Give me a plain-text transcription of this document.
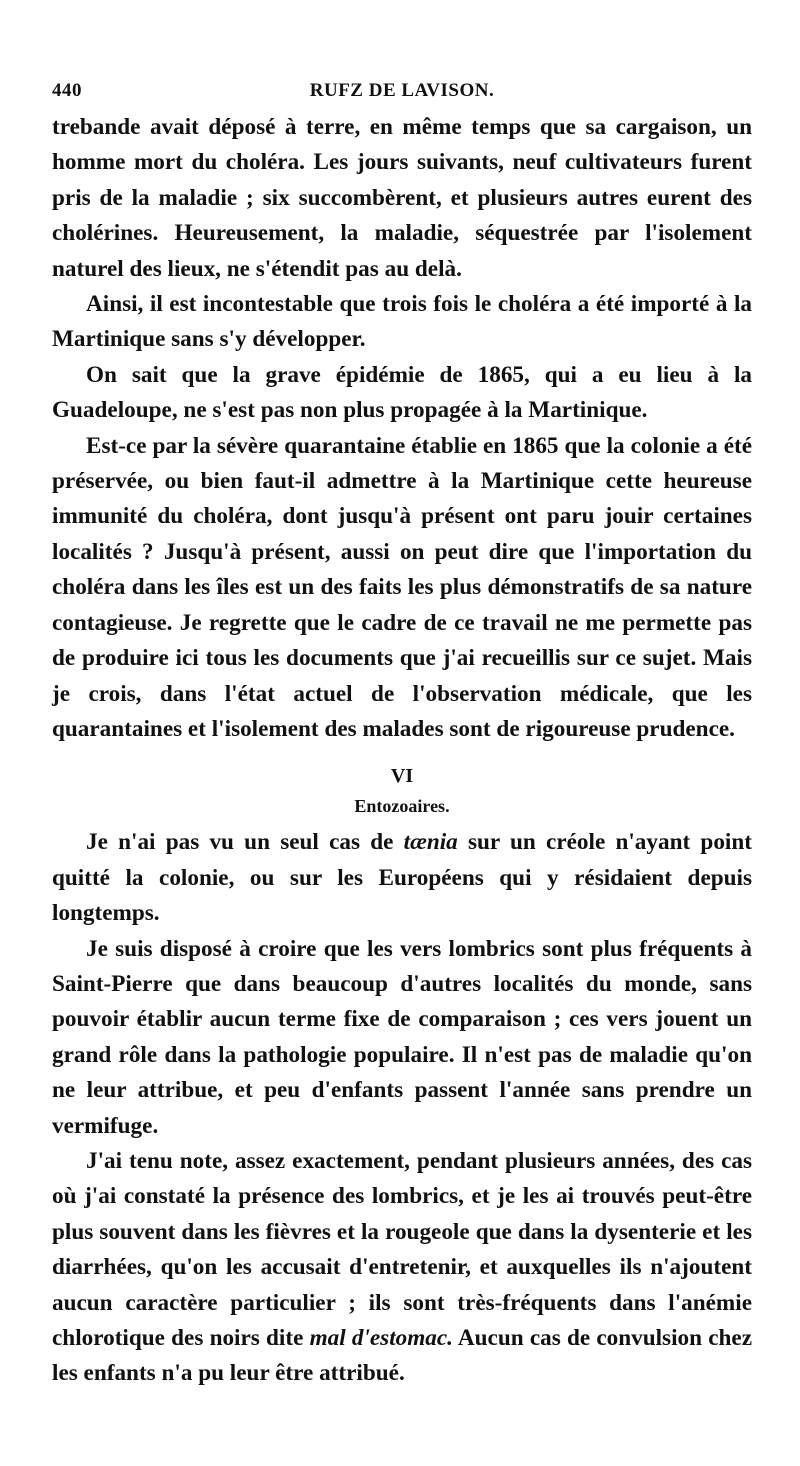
440	RUFZ DE LAVISON.

trebande avait déposé à terre, en même temps que sa cargaison, un homme mort du choléra. Les jours suivants, neuf cultivateurs furent pris de la maladie ; six succombèrent, et plusieurs autres eurent des cholérines. Heureusement, la maladie, séquestrée par l'isolement naturel des lieux, ne s'étendit pas au delà.

Ainsi, il est incontestable que trois fois le choléra a été importé à la Martinique sans s'y développer.

On sait que la grave épidémie de 1865, qui a eu lieu à la Guadeloupe, ne s'est pas non plus propagée à la Martinique.

Est-ce par la sévère quarantaine établie en 1865 que la colonie a été préservée, ou bien faut-il admettre à la Martinique cette heureuse immunité du choléra, dont jusqu'à présent ont paru jouir certaines localités ? Jusqu'à présent, aussi on peut dire que l'importation du choléra dans les îles est un des faits les plus démonstratifs de sa nature contagieuse. Je regrette que le cadre de ce travail ne me permette pas de produire ici tous les documents que j'ai recueillis sur ce sujet. Mais je crois, dans l'état actuel de l'observation médicale, que les quarantaines et l'isolement des malades sont de rigoureuse prudence.

VI
Entozoaires.

Je n'ai pas vu un seul cas de tænia sur un créole n'ayant point quitté la colonie, ou sur les Européens qui y résidaient depuis longtemps.

Je suis disposé à croire que les vers lombrics sont plus fréquents à Saint-Pierre que dans beaucoup d'autres localités du monde, sans pouvoir établir aucun terme fixe de comparaison ; ces vers jouent un grand rôle dans la pathologie populaire. Il n'est pas de maladie qu'on ne leur attribue, et peu d'enfants passent l'année sans prendre un vermifuge.

J'ai tenu note, assez exactement, pendant plusieurs années, des cas où j'ai constaté la présence des lombrics, et je les ai trouvés peut-être plus souvent dans les fièvres et la rougeole que dans la dysenterie et les diarrhées, qu'on les accusait d'entretenir, et auxquelles ils n'ajoutent aucun caractère particulier ; ils sont très-fréquents dans l'anémie chlorotique des noirs dite mal d'estomac. Aucun cas de convulsion chez les enfants n'a pu leur être attribué.
